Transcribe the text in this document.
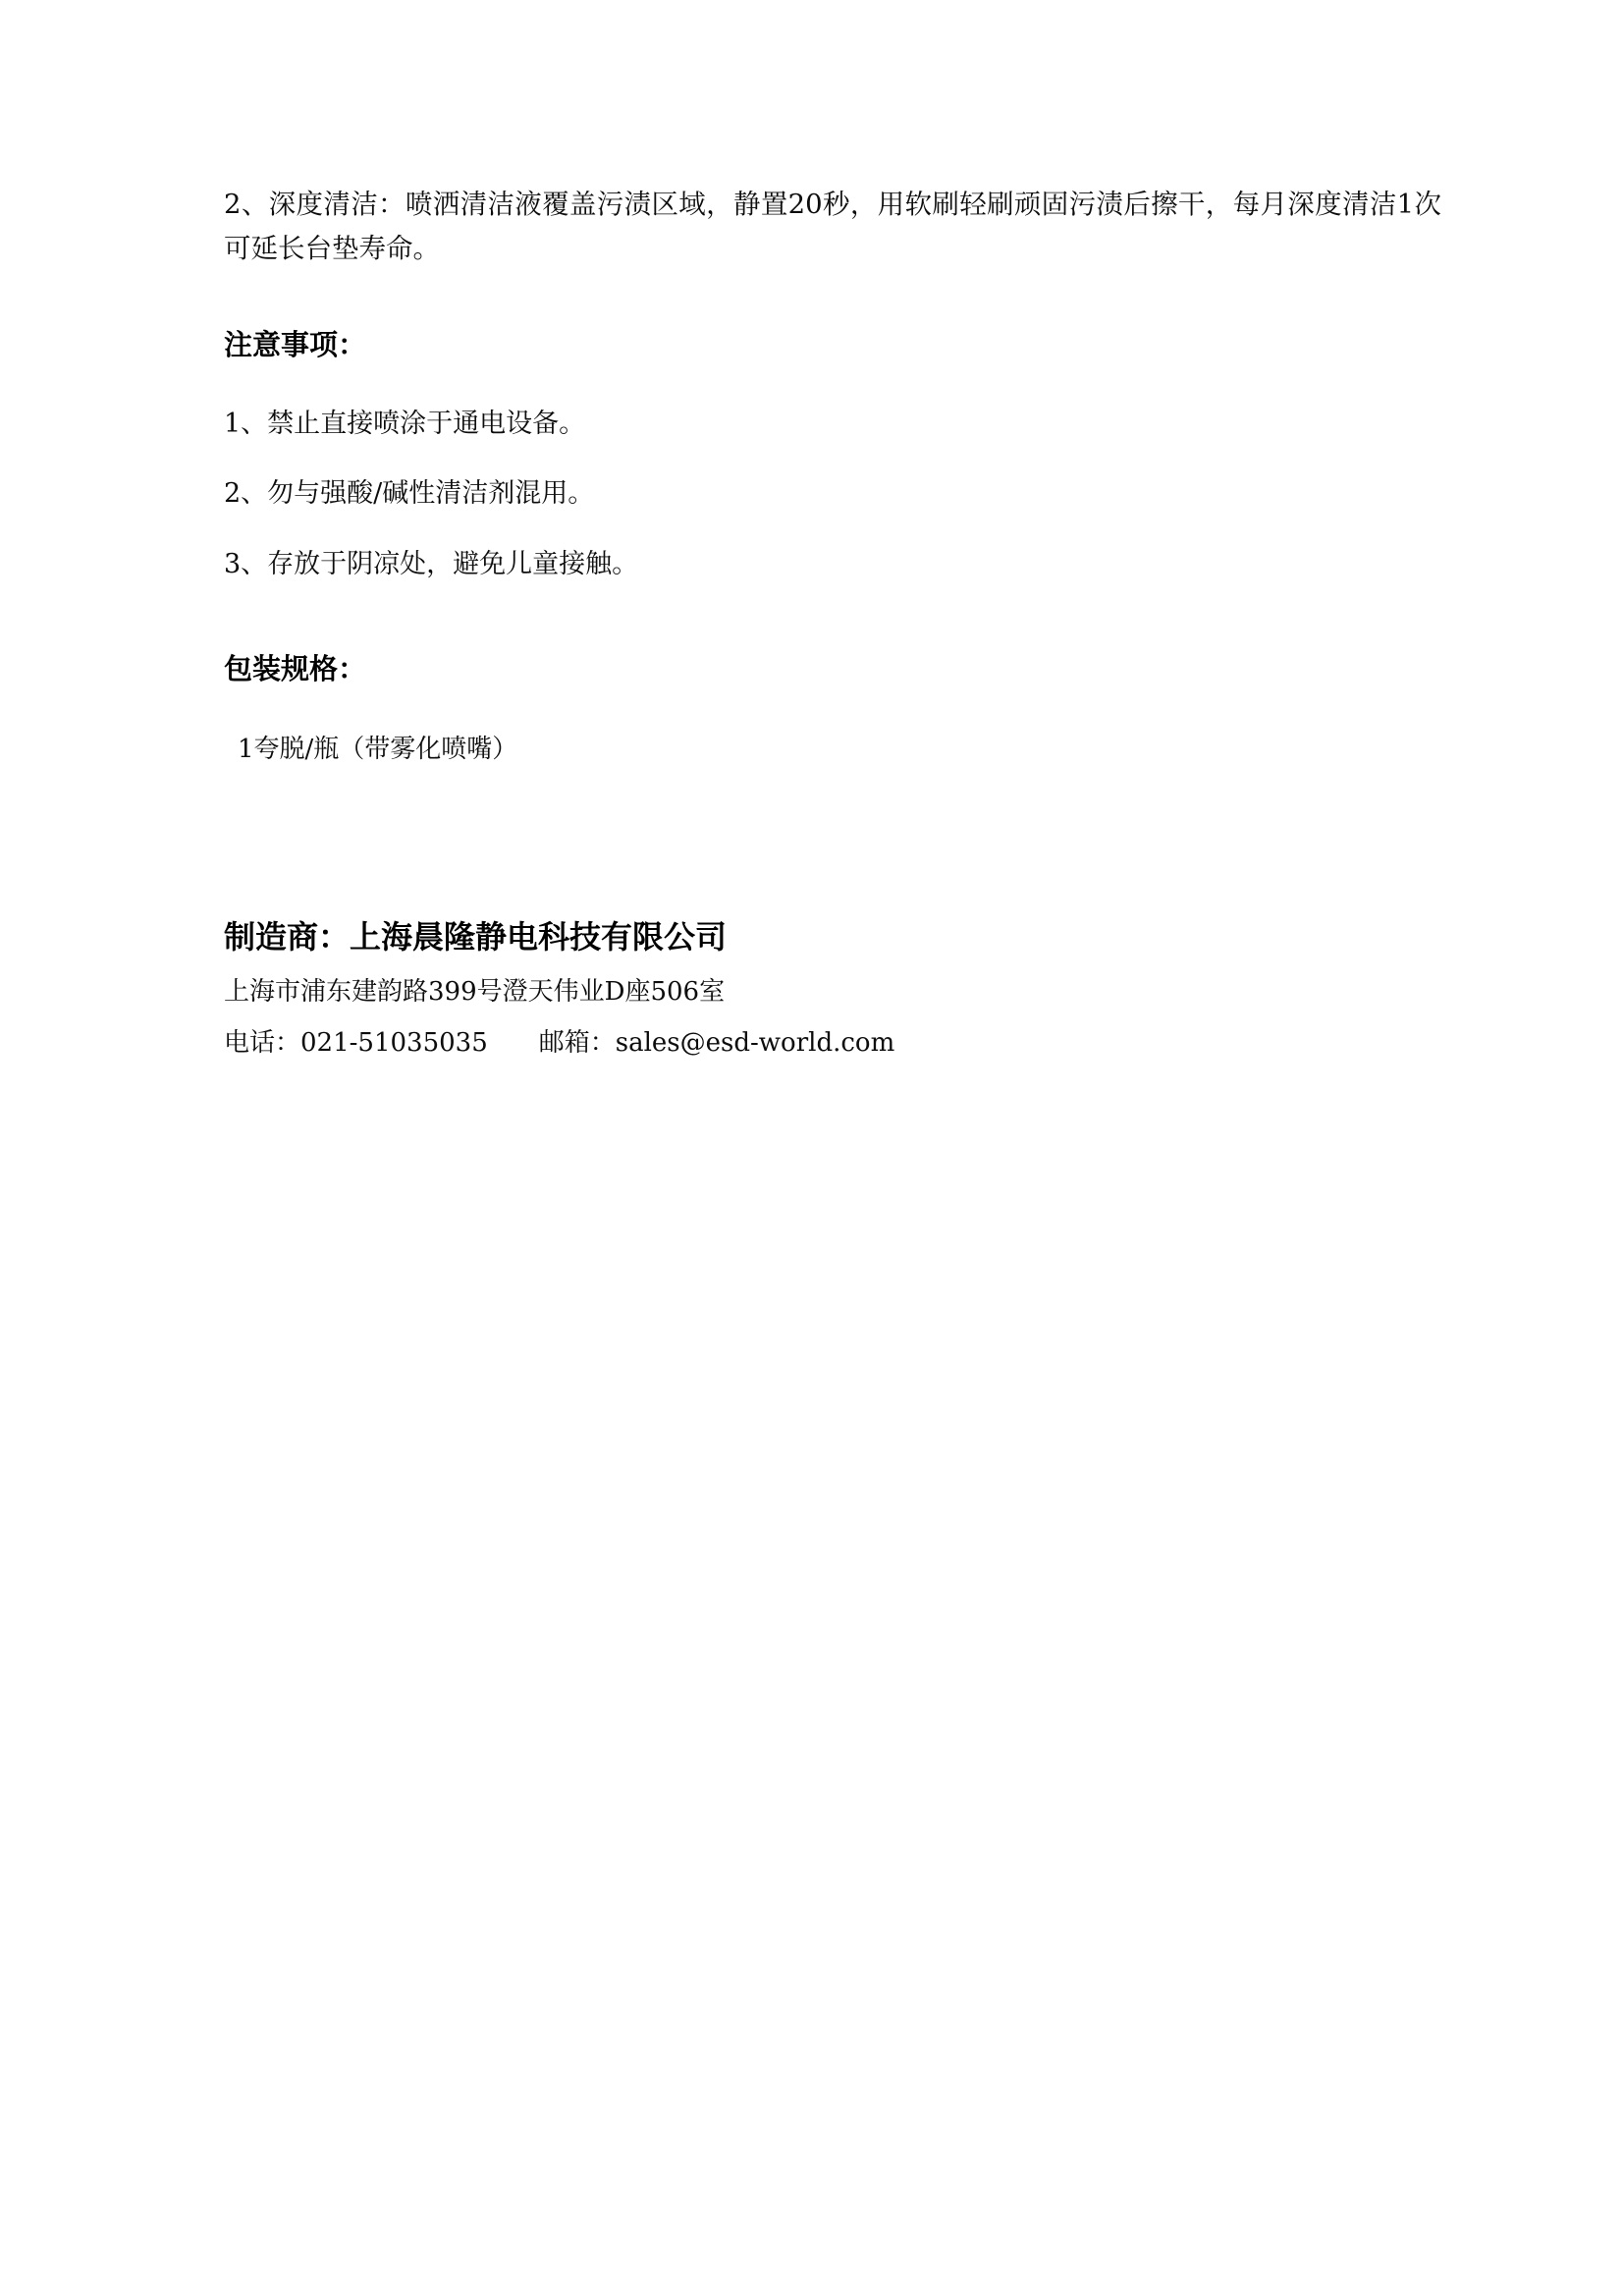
2、深度清洁：喷洒清洁液覆盖污渍区域，静置20秒，用软刷轻刷顽固污渍后擦干，每月深度清洁1次可延长台垫寿命。

注意事项：

1、禁止直接喷涂于通电设备。

2、勿与强酸/碱性清洁剂混用。

3、存放于阴凉处，避免儿童接触。

包装规格：

1夸脱/瓶（带雾化喷嘴）

制造商：上海晨隆静电科技有限公司

上海市浦东建韵路399号澄天伟业D座506室

电话：021-51035035　　邮箱：sales@esd-world.com
